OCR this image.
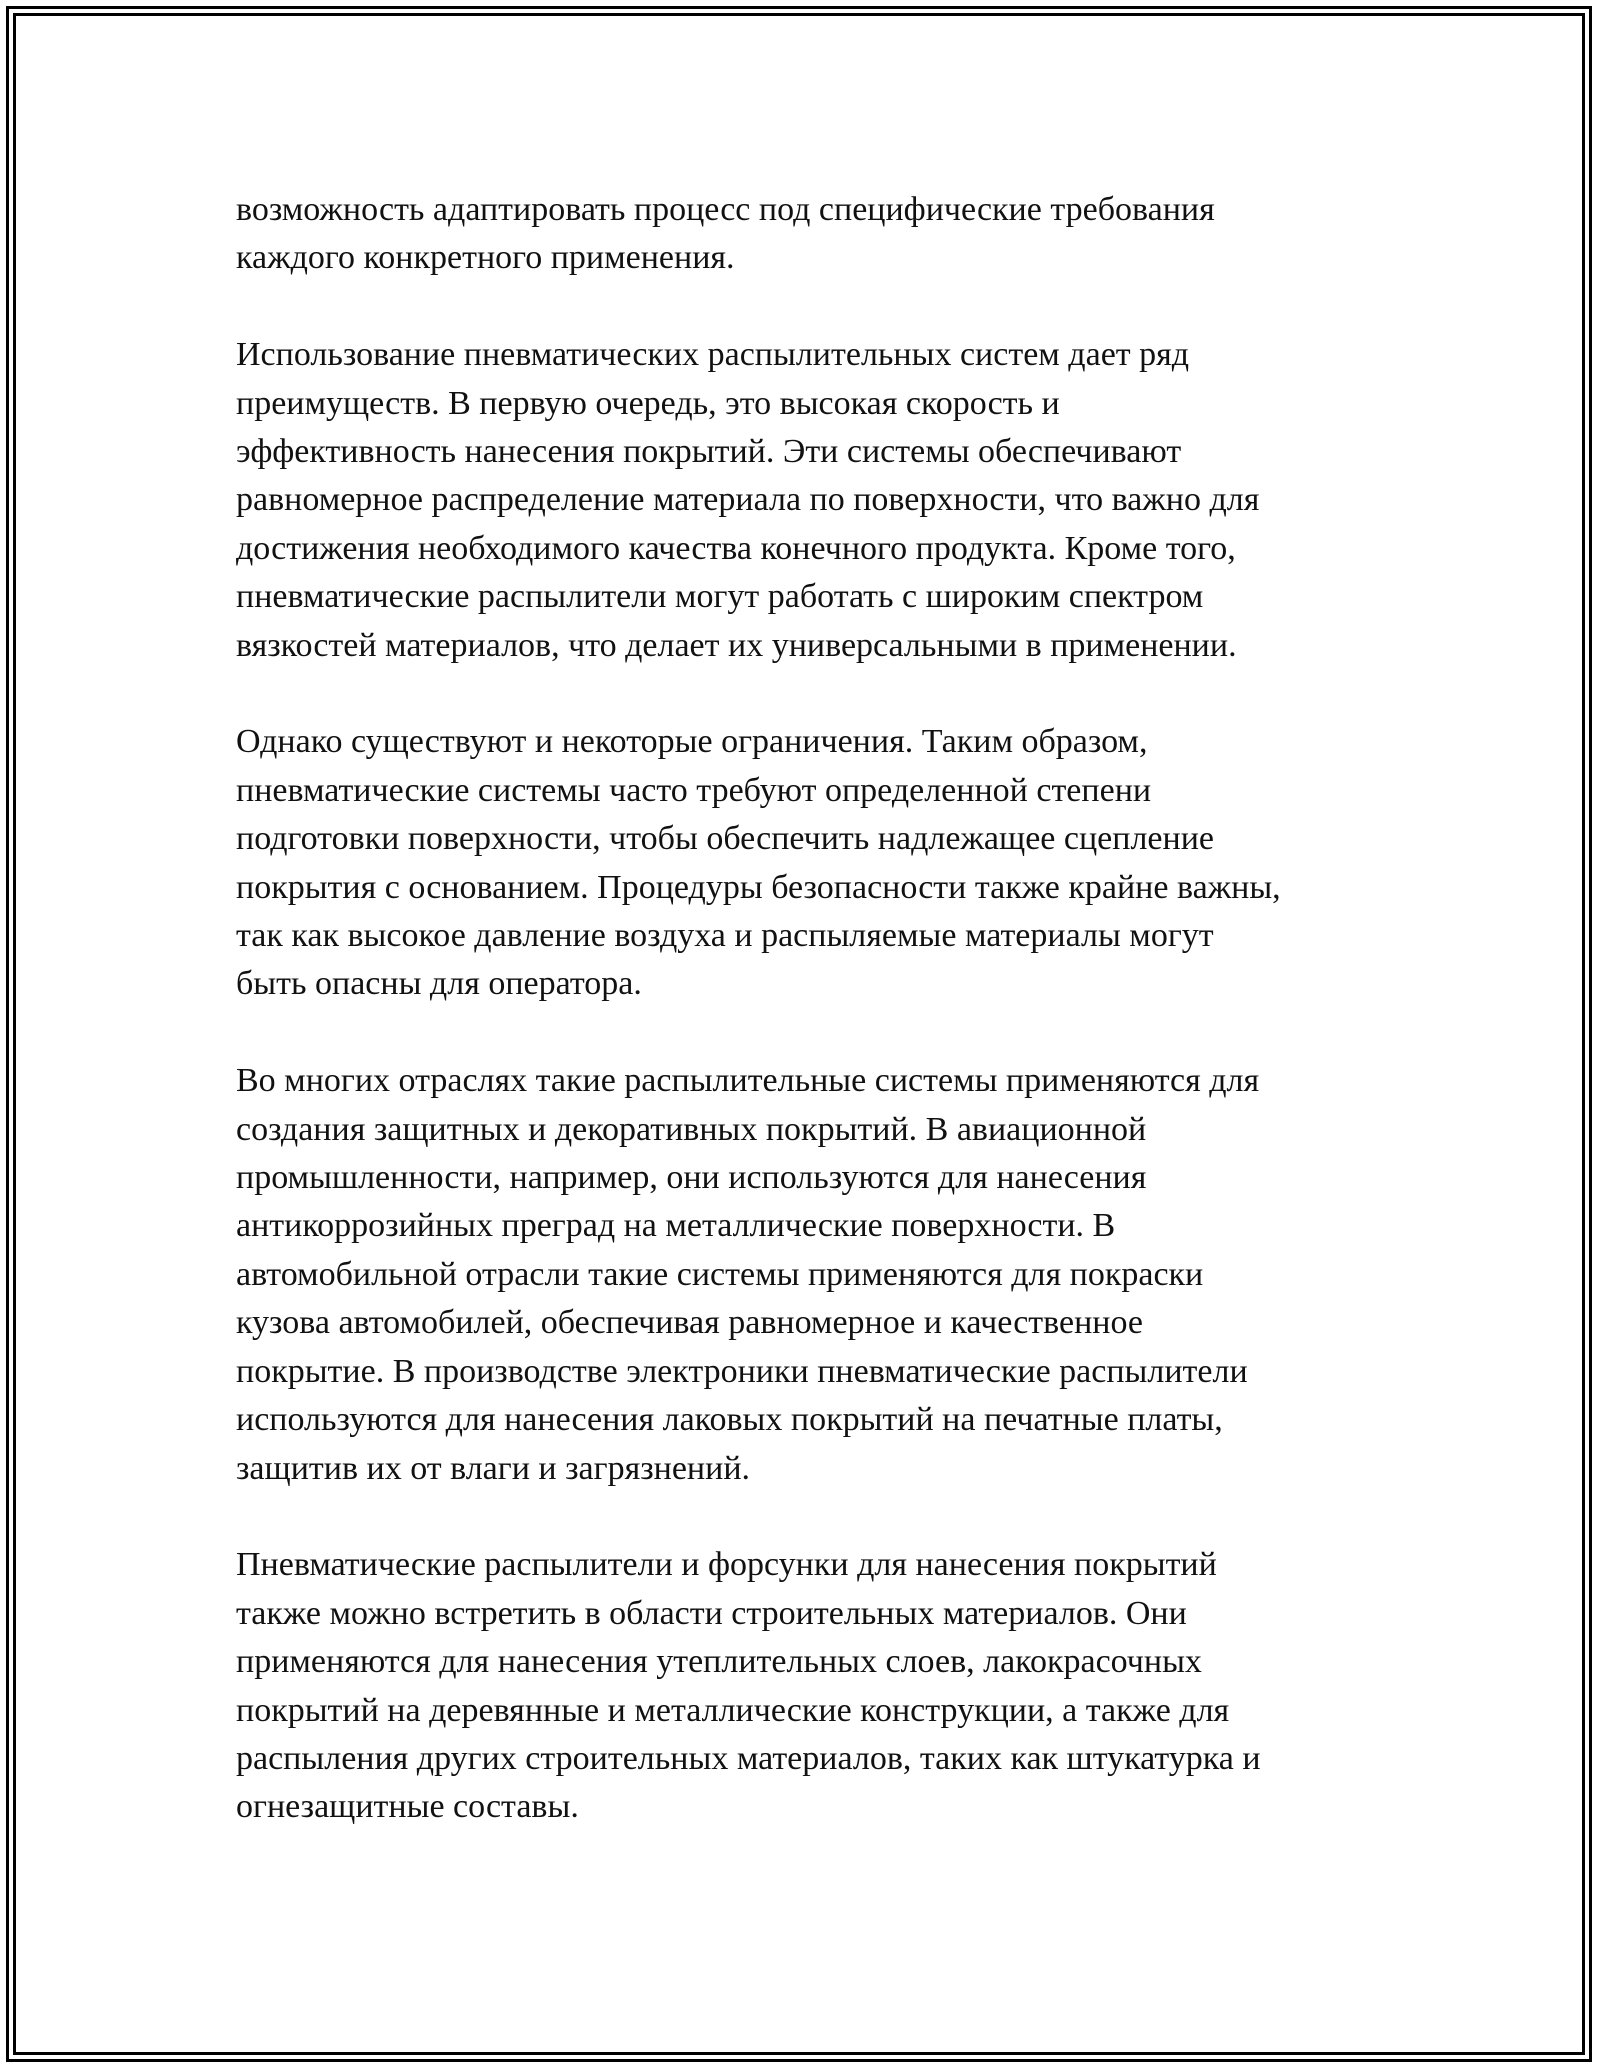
возможность адаптировать процесс под специфические требования
каждого конкретного применения.

Использование пневматических распылительных систем дает ряд
преимуществ. В первую очередь, это высокая скорость и
эффективность нанесения покрытий. Эти системы обеспечивают
равномерное распределение материала по поверхности, что важно для
достижения необходимого качества конечного продукта. Кроме того,
пневматические распылители могут работать с широким спектром
вязкостей материалов, что делает их универсальными в применении.

Однако существуют и некоторые ограничения. Таким образом,
пневматические системы часто требуют определенной степени
подготовки поверхности, чтобы обеспечить надлежащее сцепление
покрытия с основанием. Процедуры безопасности также крайне важны,
так как высокое давление воздуха и распыляемые материалы могут
быть опасны для оператора.

Во многих отраслях такие распылительные системы применяются для
создания защитных и декоративных покрытий. В авиационной
промышленности, например, они используются для нанесения
антикоррозийных преград на металлические поверхности. В
автомобильной отрасли такие системы применяются для покраски
кузова автомобилей, обеспечивая равномерное и качественное
покрытие. В производстве электроники пневматические распылители
используются для нанесения лаковых покрытий на печатные платы,
защитив их от влаги и загрязнений.

Пневматические распылители и форсунки для нанесения покрытий
также можно встретить в области строительных материалов. Они
применяются для нанесения утеплительных слоев, лакокрасочных
покрытий на деревянные и металлические конструкции, а также для
распыления других строительных материалов, таких как штукатурка и
огнезащитные составы.
